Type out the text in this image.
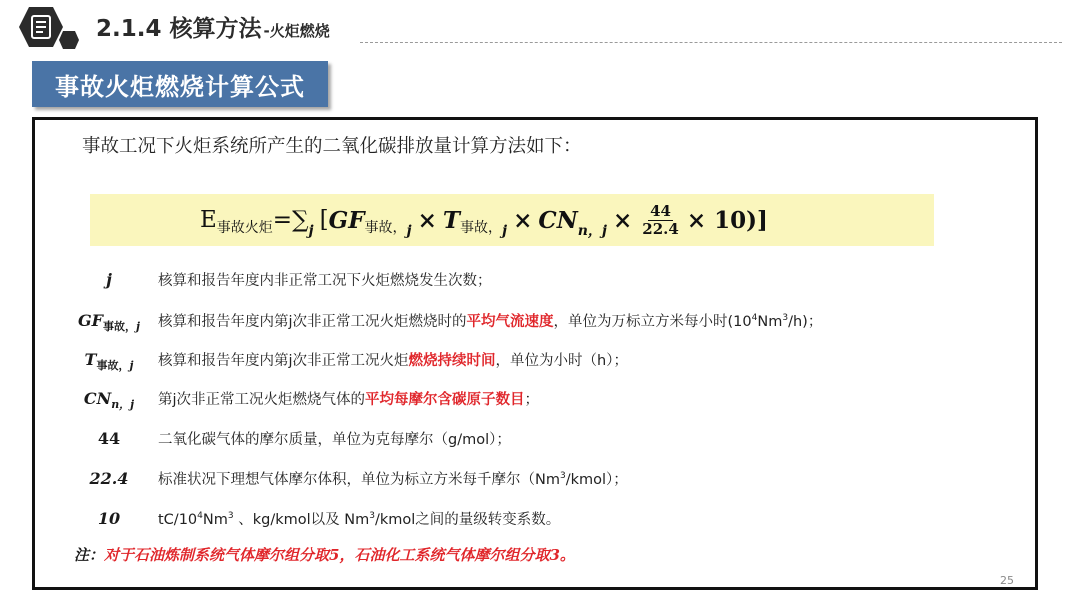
2.1.4 核算方法 -火炬燃烧
事故火炬燃烧计算公式
事故工况下火炬系统所产生的二氧化碳排放量计算方法如下：
E 事故火炬 =∑ $_j$ [ GF 事故， $_j$ × T 事故， $_j$ × CN $_{n,j} \times \frac{44}{22.4} \times 10$)]
j	核算和报告年度内非正常工况下火炬燃烧发生次数；
$GF_{事故,j}$	核算和报告年度内第j次非正常工况火炬燃烧时的平均气流速度，单位为万标立方米每小时$(10^4Nm^3/h)$；
$T_{事故,j}$	核算和报告年度内第j次非正常工况火炬燃烧持续时间，单位为小时（h）；
$CN_{n,j}$	第j次非正常工况火炬燃烧气体的平均每摩尔含碳原子数目；
44	二氧化碳气体的摩尔质量，单位为克每摩尔（g/mol）；
22.4	标准状况下理想气体摩尔体积，单位为标立方米每千摩尔（Nm$^3$/kmol）；
10	$tC/10^4Nm^3$ 、kg/kmol以及 Nm$^3$/kmol之间的量级转变系数。
注：对于石油炼制系统气体摩尔组分取5，石油化工系统气体摩尔组分取3。
25
